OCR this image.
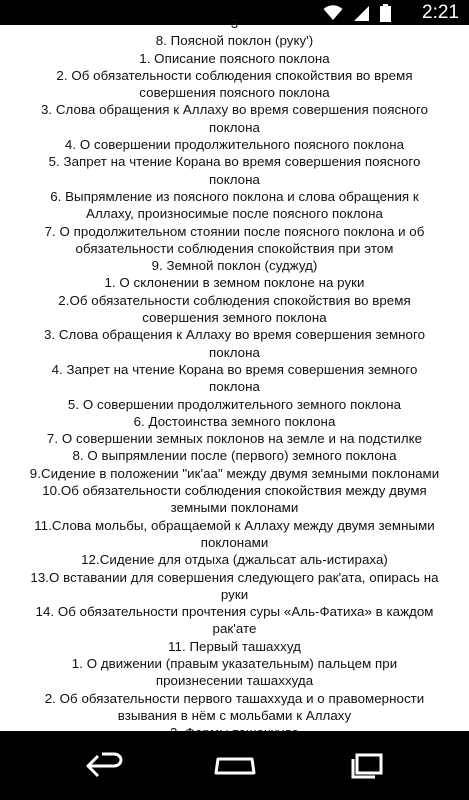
2:21
3
8. Поясной поклон (руку')
1. Описание поясного поклона
2. Об обязательности соблюдения спокойствия во время
совершения поясного поклона
3. Слова обращения к Аллаху во время совершения поясного
поклона
4. О совершении продолжительного поясного поклона
5. Запрет на чтение Корана во время совершения поясного
поклона
6. Выпрямление из поясного поклона и слова обращения к
Аллаху, произносимые после поясного поклона
7. О продолжительном стоянии после поясного поклона и об
обязательности соблюдения спокойствия при этом
9. Земной поклон (суджуд)
1. О склонении в земном поклоне на руки
2.Об обязательности соблюдения спокойствия во время
совершения земного поклона
3. Слова обращения к Аллаху во время совершения земного
поклона
4. Запрет на чтение Корана во время совершения земного
поклона
5. О совершении продолжительного земного поклона
6. Достоинства земного поклона
7. О совершении земных поклонов на земле и на подстилке
8. О выпрямлении после (первого) земного поклона
9.Сидение в положении "ик'аа" между двумя земными поклонами
10.Об обязательности соблюдения спокойствия между двумя
земными поклонами
11.Слова мольбы, обращаемой к Аллаху между двумя земными
поклонами
12.Сидение для отдыха (джальсат аль-истираха)
13.О вставании для совершения следующего рак'ата, опирась на
руки
14. Об обязательности прочтения суры «Аль-Фатиха» в каждом
рак'ате
11. Первый ташаххуд
1. О движении (правым указательным) пальцем при
произнесении ташаххуда
2. Об обязательности первого ташаххуда и о правомерности
взывания в нём с мольбами к Аллаху
